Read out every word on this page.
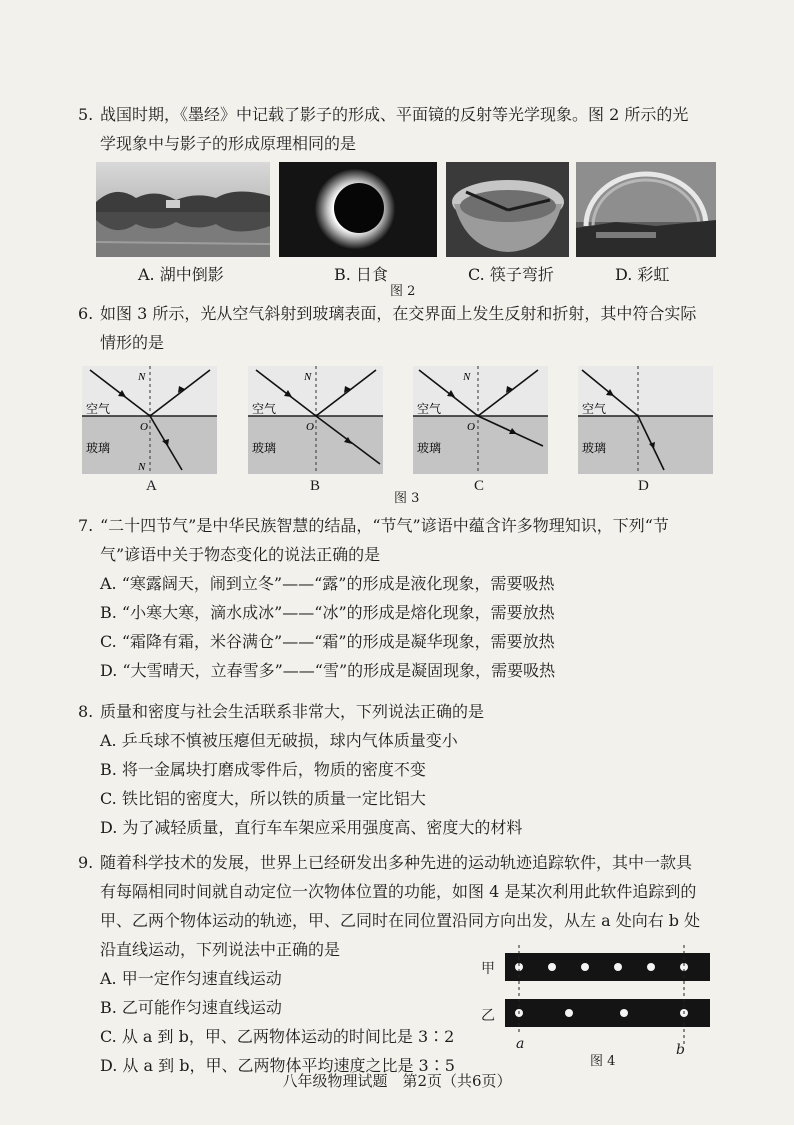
5. 战国时期，《墨经》中记载了影子的形成、平面镜的反射等光学现象。图 2 所示的光
学现象中与影子的形成原理相同的是
A. 湖中倒影	B. 日食	C. 筷子弯折	D. 彩虹
图 2
6. 如图 3 所示，光从空气斜射到玻璃表面，在交界面上发生反射和折射，其中符合实际
情形的是
N
O
N
空气
玻璃
N
O
空气
玻璃
N
O
空气
玻璃
空气
玻璃
A	B	C	D
图 3
7. “二十四节气”是中华民族智慧的结晶，“节气”谚语中蕴含许多物理知识，下列“节
气”谚语中关于物态变化的说法正确的是
A. “寒露阔天，闹到立冬”——“露”的形成是液化现象，需要吸热
B. “小寒大寒，滴水成冰”——“冰”的形成是熔化现象，需要放热
C. “霜降有霜，米谷满仓”——“霜”的形成是凝华现象，需要放热
D. “大雪晴天，立春雪多”——“雪”的形成是凝固现象，需要吸热
8. 质量和密度与社会生活联系非常大，下列说法正确的是
A. 乒乓球不慎被压瘪但无破损，球内气体质量变小
B. 将一金属块打磨成零件后，物质的密度不变
C. 铁比铝的密度大，所以铁的质量一定比铝大
D. 为了减轻质量，直行车车架应采用强度高、密度大的材料
9. 随着科学技术的发展，世界上已经研发出多种先进的运动轨迹追踪软件，其中一款具
有每隔相同时间就自动定位一次物体位置的功能，如图 4 是某次利用此软件追踪到的
甲、乙两个物体运动的轨迹，甲、乙同时在同位置沿同方向出发，从左 a 处向右 b 处
沿直线运动，下列说法中正确的是
A. 甲一定作匀速直线运动
B. 乙可能作匀速直线运动
C. 从 a 到 b，甲、乙两物体运动的时间比是 3∶2
D. 从 a 到 b，甲、乙两物体平均速度之比是 3∶5
甲
乙
a	b
图 4
八年级物理试题　第2页（共6页）
